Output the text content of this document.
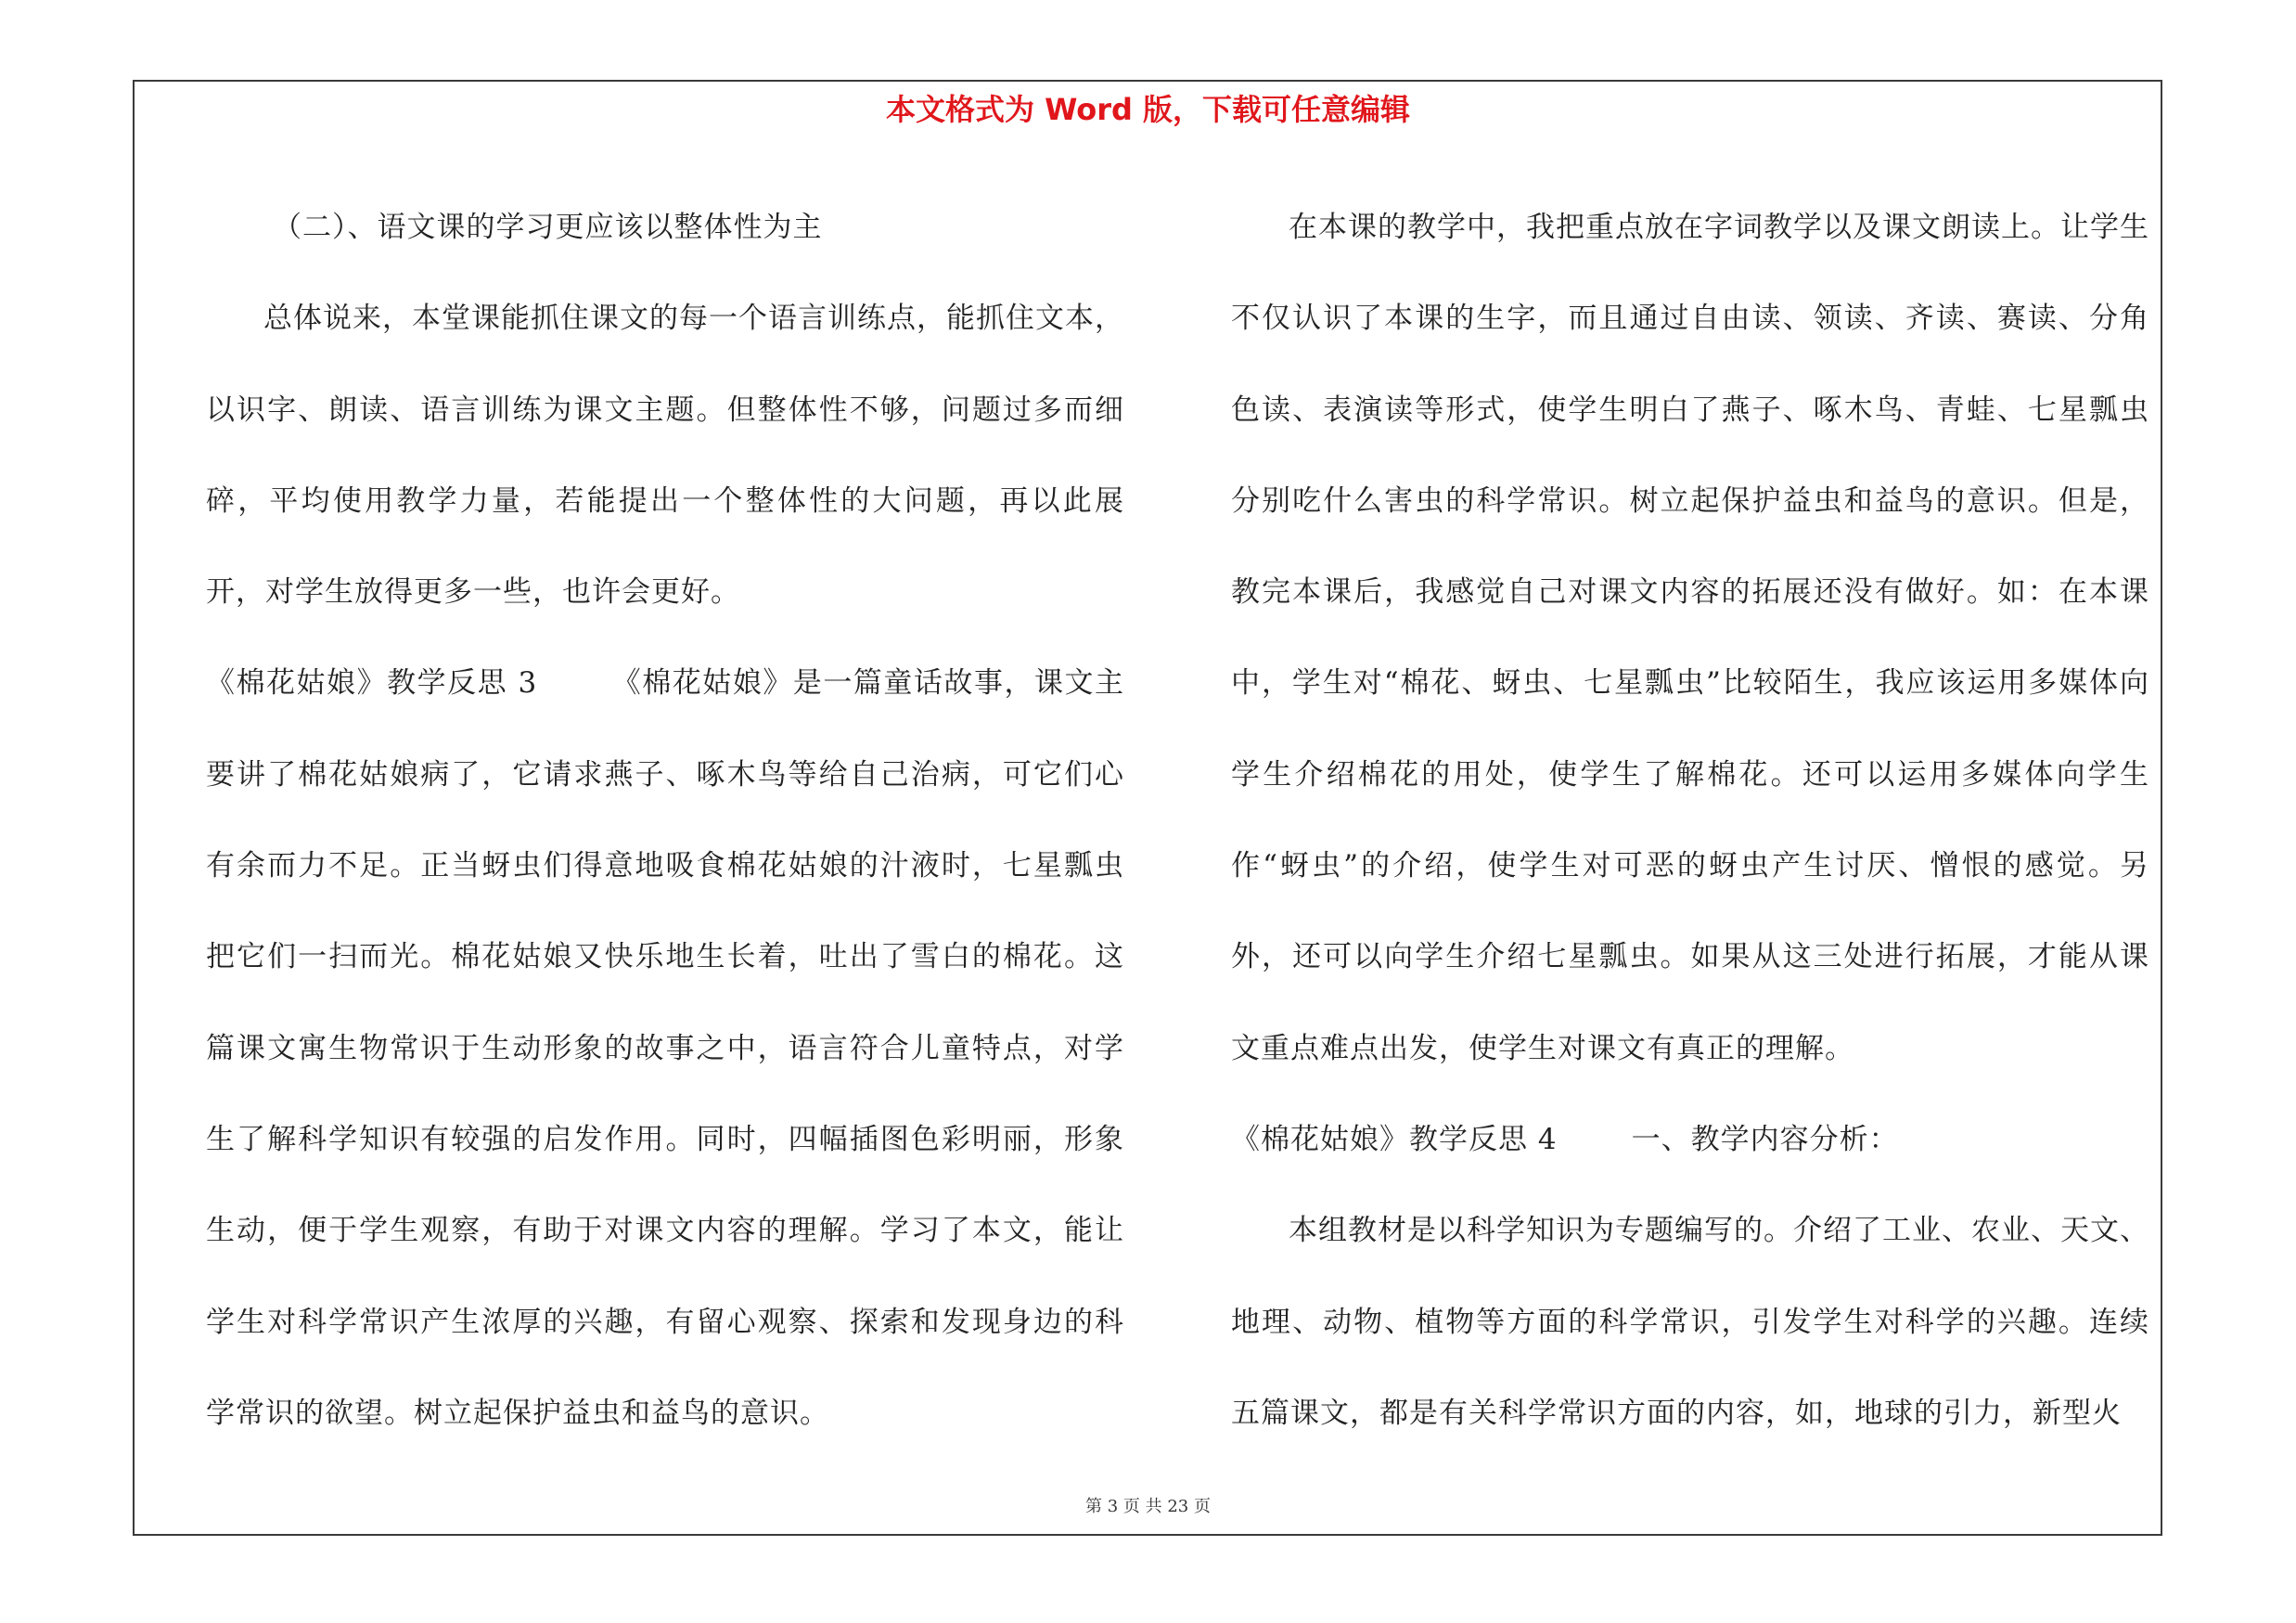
本文格式为 Word 版，下载可任意编辑

（二）、语文课的学习更应该以整体性为主

总体说来，本堂课能抓住课文的每一个语言训练点，能抓住文本，以识字、朗读、语言训练为课文主题。但整体性不够，问题过多而细碎，平均使用教学力量，若能提出一个整体性的大问题，再以此展开，对学生放得更多一些，也许会更好。

《棉花姑娘》教学反思 3	《棉花姑娘》是一篇童话故事，课文主要讲了棉花姑娘病了，它请求燕子、啄木鸟等给自己治病，可它们心有余而力不足。正当蚜虫们得意地吸食棉花姑娘的汁液时，七星瓢虫把它们一扫而光。棉花姑娘又快乐地生长着，吐出了雪白的棉花。这篇课文寓生物常识于生动形象的故事之中，语言符合儿童特点，对学生了解科学知识有较强的启发作用。同时，四幅插图色彩明丽，形象生动，便于学生观察，有助于对课文内容的理解。学习了本文，能让学生对科学常识产生浓厚的兴趣，有留心观察、探索和发现身边的科学常识的欲望。树立起保护益虫和益鸟的意识。

在本课的教学中，我把重点放在字词教学以及课文朗读上。让学生不仅认识了本课的生字，而且通过自由读、领读、齐读、赛读、分角色读、表演读等形式，使学生明白了燕子、啄木鸟、青蛙、七星瓢虫分别吃什么害虫的科学常识。树立起保护益虫和益鸟的意识。但是，教完本课后，我感觉自己对课文内容的拓展还没有做好。如：在本课中，学生对“棉花、蚜虫、七星瓢虫”比较陌生，我应该运用多媒体向学生介绍棉花的用处，使学生了解棉花。还可以运用多媒体向学生作“蚜虫”的介绍，使学生对可恶的蚜虫产生讨厌、憎恨的感觉。另外，还可以向学生介绍七星瓢虫。如果从这三处进行拓展，才能从课文重点难点出发，使学生对课文有真正的理解。

《棉花姑娘》教学反思 4	一、教学内容分析：

本组教材是以科学知识为专题编写的。介绍了工业、农业、天文、地理、动物、植物等方面的科学常识，引发学生对科学的兴趣。连续五篇课文，都是有关科学常识方面的内容，如，地球的引力，新型火

第 3 页 共 23 页
